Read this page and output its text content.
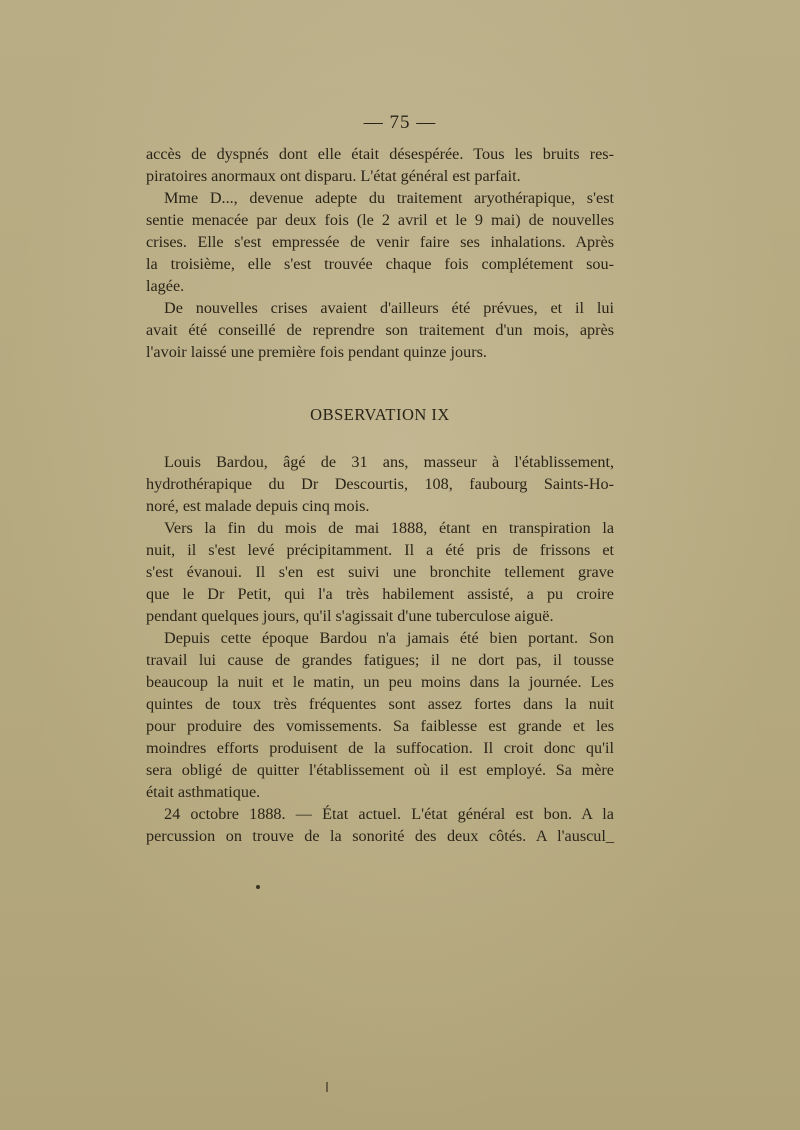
— 75 —
accès de dyspnés dont elle était désespérée. Tous les bruits res-
piratoires anormaux ont disparu. L'état général est parfait.
Mme D..., devenue adepte du traitement aryothérapique, s'est
sentie menacée par deux fois (le 2 avril et le 9 mai) de nouvelles
crises. Elle s'est empressée de venir faire ses inhalations. Après
la troisième, elle s'est trouvée chaque fois complétement sou-
lagée.
De nouvelles crises avaient d'ailleurs été prévues, et il lui
avait été conseillé de reprendre son traitement d'un mois, après
l'avoir laissé une première fois pendant quinze jours.
OBSERVATION IX
Louis Bardou, âgé de 31 ans, masseur à l'établissement,
hydrothérapique du Dr Descourtis, 108, faubourg Saints-Ho-
noré, est malade depuis cinq mois.
Vers la fin du mois de mai 1888, étant en transpiration la
nuit, il s'est levé précipitamment. Il a été pris de frissons et
s'est évanoui. Il s'en est suivi une bronchite tellement grave
que le Dr Petit, qui l'a très habilement assisté, a pu croire
pendant quelques jours, qu'il s'agissait d'une tuberculose aiguë.
Depuis cette époque Bardou n'a jamais été bien portant. Son
travail lui cause de grandes fatigues; il ne dort pas, il tousse
beaucoup la nuit et le matin, un peu moins dans la journée. Les
quintes de toux très fréquentes sont assez fortes dans la nuit
pour produire des vomissements. Sa faiblesse est grande et les
moindres efforts produisent de la suffocation. Il croit donc qu'il
sera obligé de quitter l'établissement où il est employé. Sa mère
était asthmatique.
24 octobre 1888. — État actuel. L'état général est bon. A la
percussion on trouve de la sonorité des deux côtés. A l'auscul_
